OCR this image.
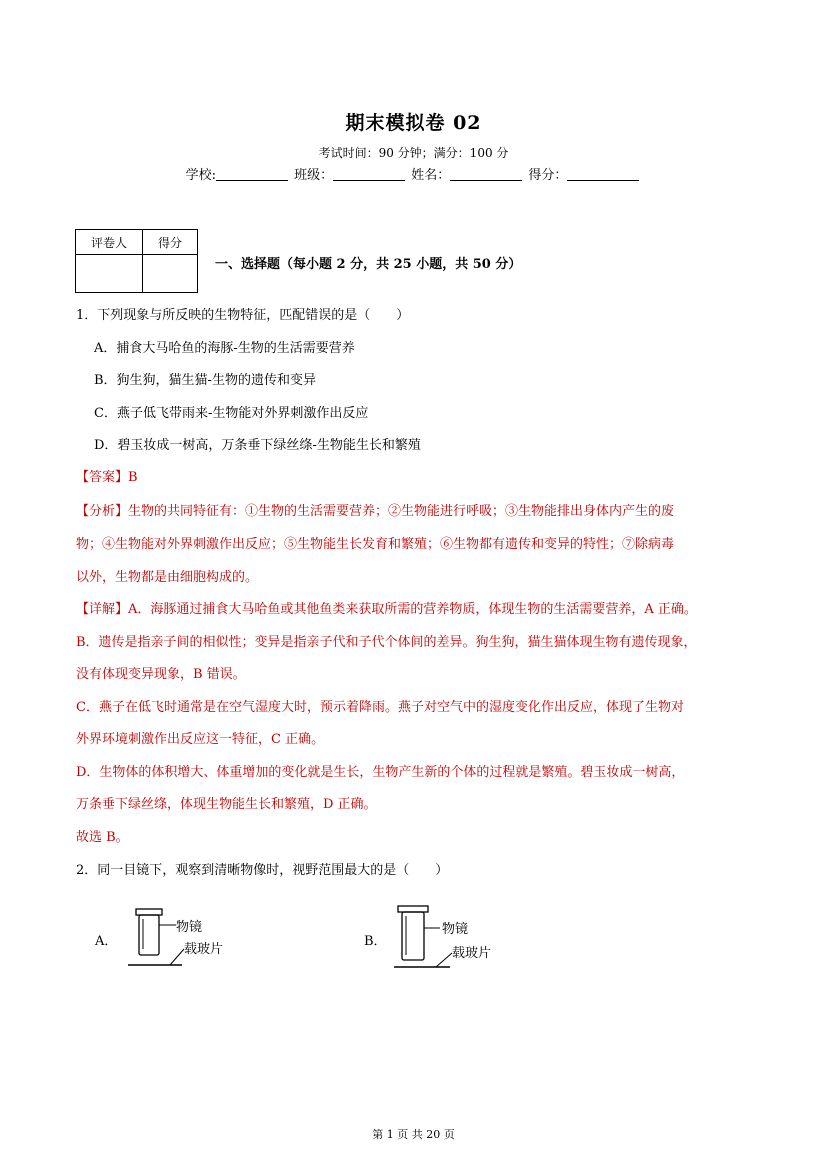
期末模拟卷 02
考试时间：90 分钟；满分：100 分
学校:	班级：	姓名：	得分：
评卷人	得分

一、选择题（每小题 2 分，共 25 小题，共 50 分）
1．下列现象与所反映的生物特征，匹配错误的是（　　）
A．捕食大马哈鱼的海豚-生物的生活需要营养
B．狗生狗，猫生猫-生物的遗传和变异
C．燕子低飞带雨来-生物能对外界刺激作出反应
D．碧玉妆成一树高，万条垂下绿丝绦-生物能生长和繁殖
【答案】B
【分析】生物的共同特征有：①生物的生活需要营养；②生物能进行呼吸；③生物能排出身体内产生的废
物；④生物能对外界刺激作出反应；⑤生物能生长发育和繁殖；⑥生物都有遗传和变异的特性；⑦除病毒
以外，生物都是由细胞构成的。
【详解】A．海豚通过捕食大马哈鱼或其他鱼类来获取所需的营养物质，体现生物的生活需要营养，A 正确。
B．遗传是指亲子间的相似性；变异是指亲子代和子代个体间的差异。狗生狗，猫生猫体现生物有遗传现象，
没有体现变异现象，B 错误。
C．燕子在低飞时通常是在空气湿度大时，预示着降雨。燕子对空气中的湿度变化作出反应，体现了生物对
外界环境刺激作出反应这一特征，C 正确。
D．生物体的体积增大、体重增加的变化就是生长，生物产生新的个体的过程就是繁殖。碧玉妆成一树高，
万条垂下绿丝绦，体现生物能生长和繁殖，D 正确。
故选 B。
2．同一目镜下，观察到清晰物像时，视野范围最大的是（　　）
A．
物镜
载玻片
B．
物镜
载玻片
第 1 页 共 20 页
